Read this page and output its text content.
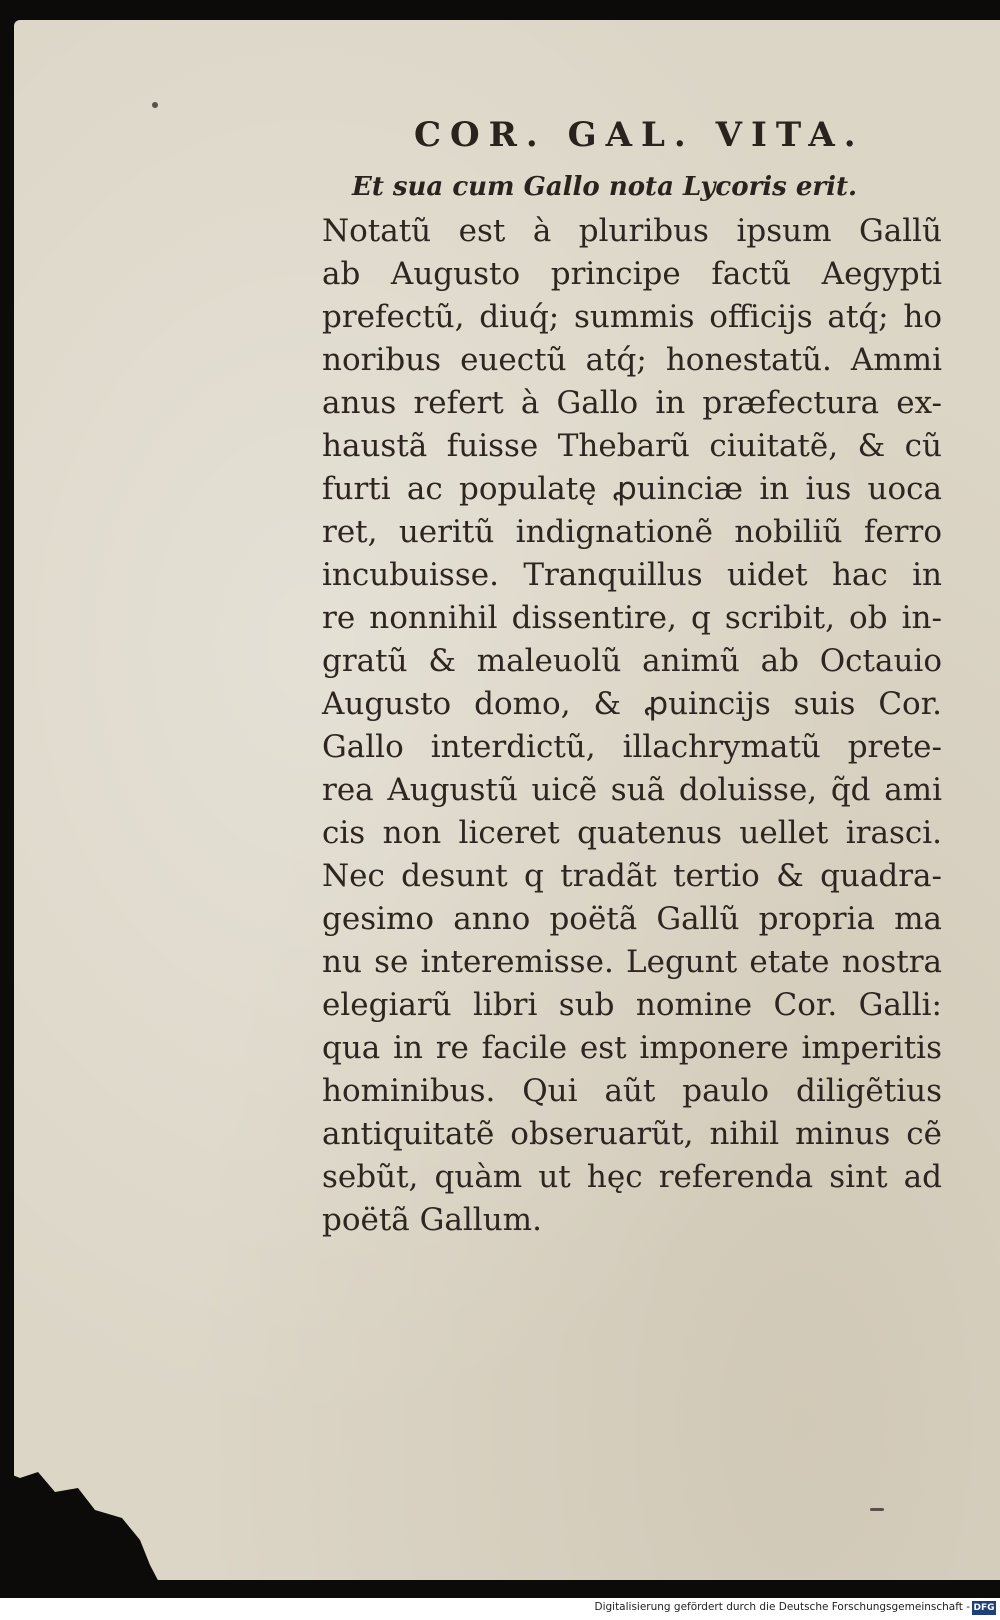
COR. GAL. VITA.
Et sua cum Gallo nota Lycoris erit.
Notatũ est à pluribus ipsum Gallũ
ab Augusto principe factũ Aegypti
prefectũ, diuq́; summis officijs atq́; ho
noribus euectũ atq́; honestatũ. Ammi
anus refert à Gallo in præfectura ex-
haustã fuisse Thebarũ ciuitatẽ, & cũ
furti ac populatę ꝓuinciæ in ius uoca
ret, ueritũ indignationẽ nobiliũ ferro
incubuisse. Tranquillus uidet hac in
re nonnihil dissentire, q scribit, ob in-
gratũ & maleuolũ animũ ab Octauio
Augusto domo, & ꝓuincijs suis Cor.
Gallo interdictũ, illachrymatũ prete-
rea Augustũ uicẽ suã doluisse, q̃d ami
cis non liceret quatenus uellet irasci.
Nec desunt q tradãt tertio & quadra-
gesimo anno poëtã Gallũ propria ma
nu se interemisse. Legunt etate nostra
elegiarũ libri sub nomine Cor. Galli:
qua in re facile est imponere imperitis
hominibus. Qui aũt paulo diligẽtius
antiquitatẽ obseruarũt, nihil minus cẽ
sebũt, quàm ut hęc referenda sint ad
poëtã Gallum.
Digitalisierung gefördert durch die Deutsche Forschungsgemeinschaft - DFG
